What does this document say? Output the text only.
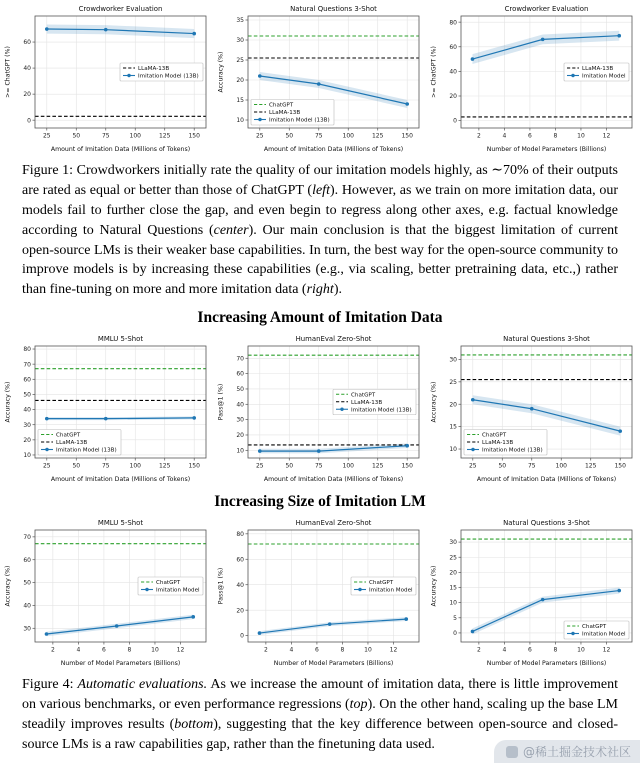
25	50	75	100	125	150
0
20
40
60
Crowdworker Evaluation
Amount of Imitation Data (Millions of Tokens)
>= ChatGPT (%)	LLaMA-13B
Imitation Model (13B)
25	50	75	100	125	150
10
15
20
25
30
35
Natural Questions 3-Shot
Amount of Imitation Data (Millions of Tokens)
Accuracy (%)
ChatGPT
LLaMA-13B
Imitation Model (13B)
2	4	6	8	10	12
0
20
40
60
80
Crowdworker Evaluation
Number of Model Parameters (Billions)
>= ChatGPT (%)	LLaMA-13B
Imitation Model

Figure 1: Crowdworkers initially rate the quality of our imitation models highly, as ∼70% of their outputs are rated as equal or better than those of ChatGPT (left). However, as we train on more imitation data, our models fail to further close the gap, and even begin to regress along other axes, e.g. factual knowledge according to Natural Questions (center). Our main conclusion is that the biggest limitation of current open-source LMs is their weaker base capabilities. In turn, the best way for the open-source community to improve models is by increasing these capabilities (e.g., via scaling, better pretraining data, etc.,) rather than fine-tuning on more and more imitation data (right).

Increasing Amount of Imitation Data
25	50	75	100	125	150
10
20
30
40
50
60
70
80
MMLU 5-Shot
Amount of Imitation Data (Millions of Tokens)
Accuracy (%)
ChatGPT
LLaMA-13B
Imitation Model (13B)
25	50	75	100	125	150
10
20
30
40
50
60
70
HumanEval Zero-Shot
Amount of Imitation Data (Millions of Tokens)
Pass@1 (%)	ChatGPT
LLaMA-13B
Imitation Model (13B)
25	50	75	100	125	150
10
15
20
25
30
Natural Questions 3-Shot
Amount of Imitation Data (Millions of Tokens)
Accuracy (%)
ChatGPT
LLaMA-13B
Imitation Model (13B)
Increasing Size of Imitation LM
2	4	6	8	10	12
30
40
50
60
70
MMLU 5-Shot
Number of Model Parameters (Billions)
Accuracy (%)	ChatGPT
Imitation Model
2	4	6	8	10	12
0
20
40
60
80
HumanEval Zero-Shot
Number of Model Parameters (Billions)
Pass@1 (%)	ChatGPT
Imitation Model
2	4	6	8	10	12
0
5
10
15
20
25
30
Natural Questions 3-Shot
Number of Model Parameters (Billions)
Accuracy (%)
ChatGPT
Imitation Model

Figure 4: Automatic evaluations. As we increase the amount of imitation data, there is little improvement on various benchmarks, or even performance regressions (top). On the other hand, scaling up the base LM steadily improves results (bottom), suggesting that the key difference between open-source and closed-source LMs is a raw capabilities gap, rather than the finetuning data used.

@稀土掘金技术社区
